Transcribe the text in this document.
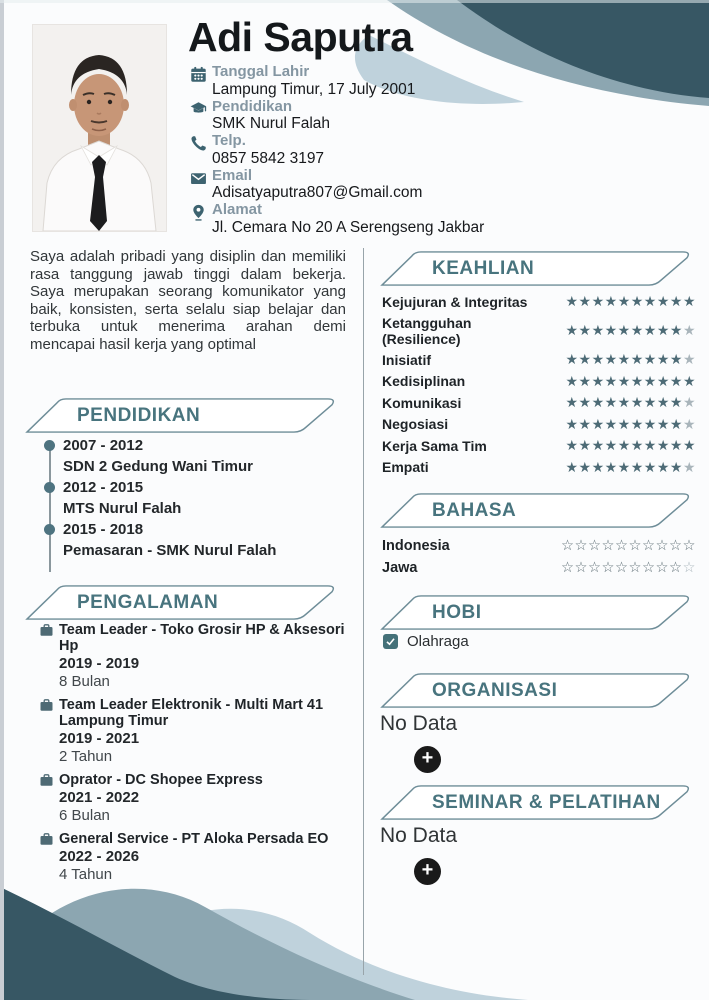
Adi Saputra
Tanggal Lahir
Lampung Timur, 17 July 2001
Pendidikan
SMK Nurul Falah
Telp.
0857 5842 3197
Email
Adisatyaputra807@Gmail.com
Alamat
Jl. Cemara No 20 A Serengseng Jakbar

Saya adalah pribadi yang disiplin dan memiliki rasa tanggung jawab tinggi dalam bekerja. Saya merupakan seorang komunikator yang baik, konsisten, serta selalu siap belajar dan terbuka untuk menerima arahan demi mencapai hasil kerja yang optimal

PENDIDIKAN
PENGALAMAN
KEAHLIAN
BAHASA
HOBI
ORGANISASI
SEMINAR & PELATIHAN
2007 - 2012
SDN 2 Gedung Wani Timur
2012 - 2015
MTS Nurul Falah
2015 - 2018
Pemasaran - SMK Nurul Falah
Team Leader - Toko Grosir HP & Aksesori Hp
2019 - 2019
8 Bulan
Team Leader Elektronik - Multi Mart 41 Lampung Timur
2019 - 2021
2 Tahun
Oprator - DC Shopee Express
2021 - 2022
6 Bulan
General Service - PT Aloka Persada EO
2022 - 2026
4 Tahun
Kejujuran & Integritas	★★★★★★★★★★
Ketangguhan (Resilience)
★★★★★★★★★★
Inisiatif	★★★★★★★★★★
Kedisiplinan	★★★★★★★★★★
Komunikasi	★★★★★★★★★★
Negosiasi	★★★★★★★★★★
Kerja Sama Tim	★★★★★★★★★★
Empati	★★★★★★★★★★
Indonesia	☆☆☆☆☆☆☆☆☆☆
Jawa	☆☆☆☆☆☆☆☆☆☆
Olahraga
No Data
+
No Data
+
